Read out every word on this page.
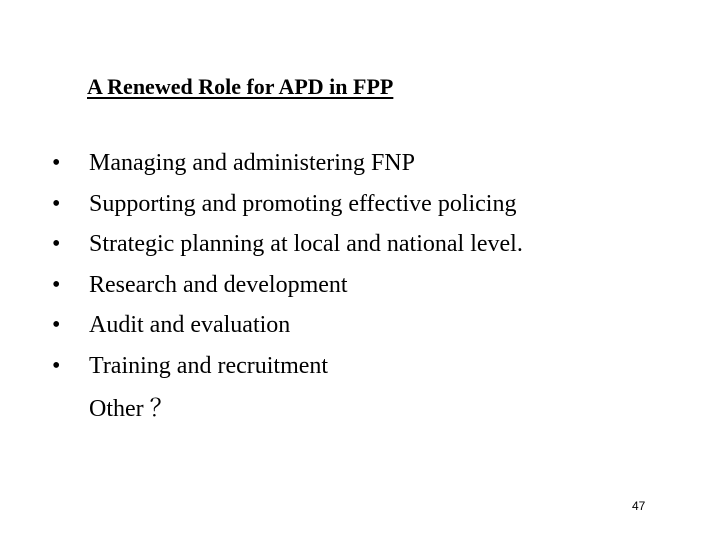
A Renewed Role for APD in FPP
•	Managing and administering FNP
•	Supporting and promoting effective policing
•	Strategic planning at local and national level.
•	Research and development
•	Audit and evaluation
•	Training and recruitment
Other ？
47
